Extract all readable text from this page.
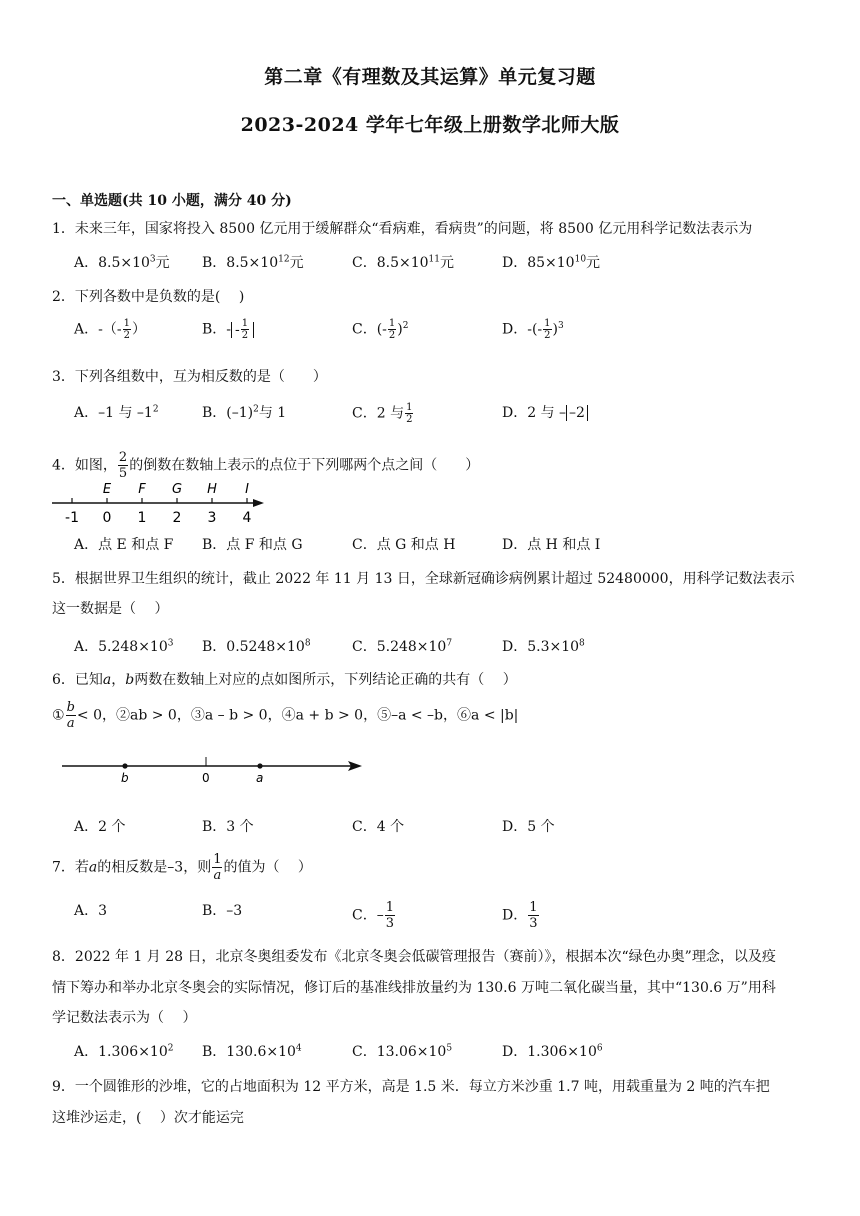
第二章《有理数及其运算》单元复习题
2023-2024 学年七年级上册数学北师大版
一、单选题(共 10 小题，满分 40 分)
1．未来三年，国家将投入 8500 亿元用于缓解群众“看病难，看病贵”的问题，将 8500 亿元用科学记数法表示为
A．$8.5\times 10^3$元 B．$8.5\times 10^{12}$元	C．$8.5\times 10^{11}$元	D．$85\times 10^{10}$元
2．下列各数中是负数的是(　 )
A．-（- $\frac{1}{2}$ ）	B．- - $\frac{1}{2}$	C．(- $\frac{1}{2} )^2$	D．-(- $\frac{1}{2} )^3$
3．下列各组数中，互为相反数的是（　　）
A．–1 与 $-1^2$	B．$(-1)^2$与 1	C．2 与 $\frac{1}{2}$	D．2 与 – –2
4．如图， $\frac{2}{5}$ 的倒数在数轴上表示的点位于下列哪两个点之间（　　）
-1 0 1 2 3 4
E F G H I
A．点 E 和点 F B．点 F 和点 G	C．点 G 和点 H	D．点 H 和点 I
5．根据世界卫生组织的统计，截止 2022 年 11 月 13 日，全球新冠确诊病例累计超过 52480000，用科学记数法表示
这一数据是（　 ）
A．$5.248\times 10^3$ B．$0.5248\times 10^8$	C．$5.248\times 10^7$	D．$5.3\times 10^8$
6．已知a，b两数在数轴上对应的点如图所示，下列结论正确的共有（　 ）
① $\frac{b}{a} < 0$，②ab > 0，③a – b > 0，④a + b > 0，⑤–a < –b，⑥a < |b|
b	0	a
A．2 个	B．3 个	C．4 个	D．5 个
7．若a的相反数是–3，则 $\frac{1}{a}$ 的值为（　 ）
A．3	B．–3	C．– $\frac{1}{3}$	D． $\frac{1}{3}$
8．2022 年 1 月 28 日，北京冬奥组委发布《北京冬奥会低碳管理报告（赛前）》，根据本次“绿色办奥”理念，以及疫
情下筹办和举办北京冬奥会的实际情况，修订后的基准线排放量约为 130.6 万吨二氧化碳当量，其中“130.6 万”用科
学记数法表示为（　 ）
A．$1.306\times 10^2$ B．$130.6\times 10^4$	C．$13.06\times 10^5$	D．$1.306\times 10^6$
9．一个圆锥形的沙堆，它的占地面积为 12 平方米，高是 1.5 米．每立方米沙重 1.7 吨，用载重量为 2 吨的汽车把
这堆沙运走，(　 ）次才能运完
